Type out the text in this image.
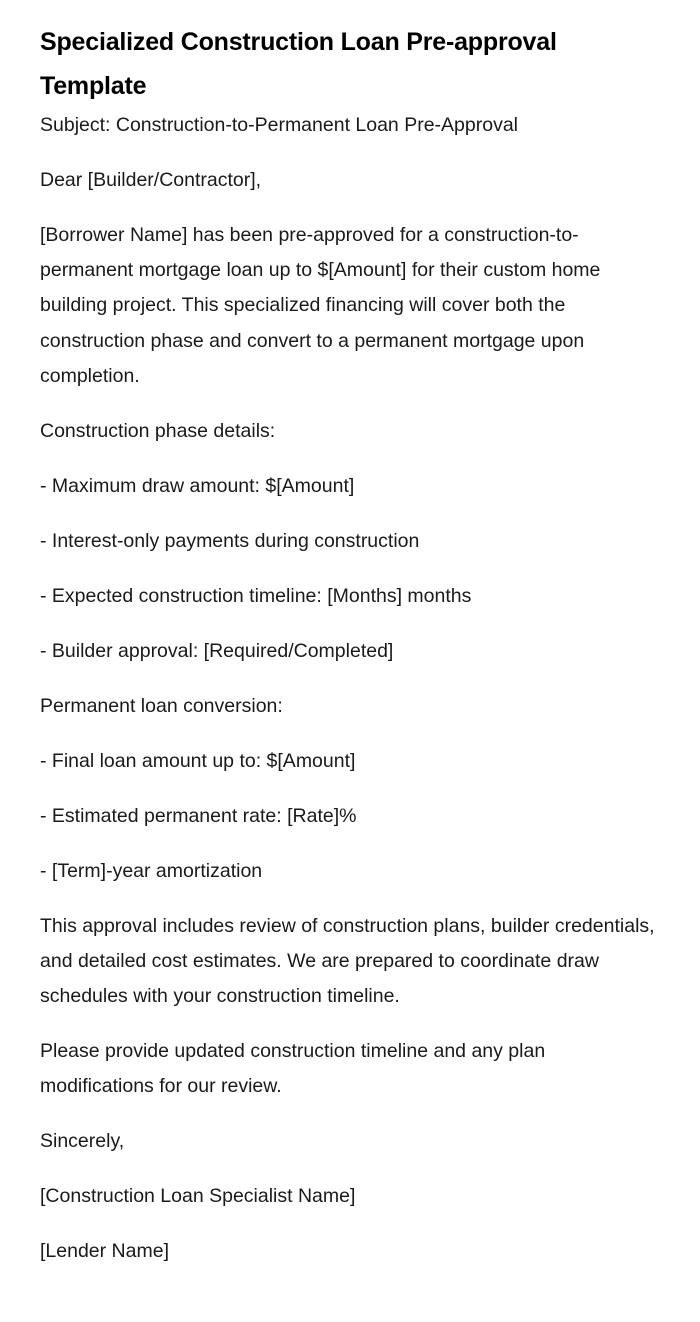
Specialized Construction Loan Pre-approval Template

Subject: Construction-to-Permanent Loan Pre-Approval

Dear [Builder/Contractor],

[Borrower Name] has been pre-approved for a construction-to-permanent mortgage loan up to $[Amount] for their custom home building project. This specialized financing will cover both the construction phase and convert to a permanent mortgage upon completion.

Construction phase details:

- Maximum draw amount: $[Amount]

- Interest-only payments during construction

- Expected construction timeline: [Months] months

- Builder approval: [Required/Completed]

Permanent loan conversion:

- Final loan amount up to: $[Amount]

- Estimated permanent rate: [Rate]%

- [Term]-year amortization

This approval includes review of construction plans, builder credentials, and detailed cost estimates. We are prepared to coordinate draw schedules with your construction timeline.

Please provide updated construction timeline and any plan modifications for our review.

Sincerely,

[Construction Loan Specialist Name]

[Lender Name]
